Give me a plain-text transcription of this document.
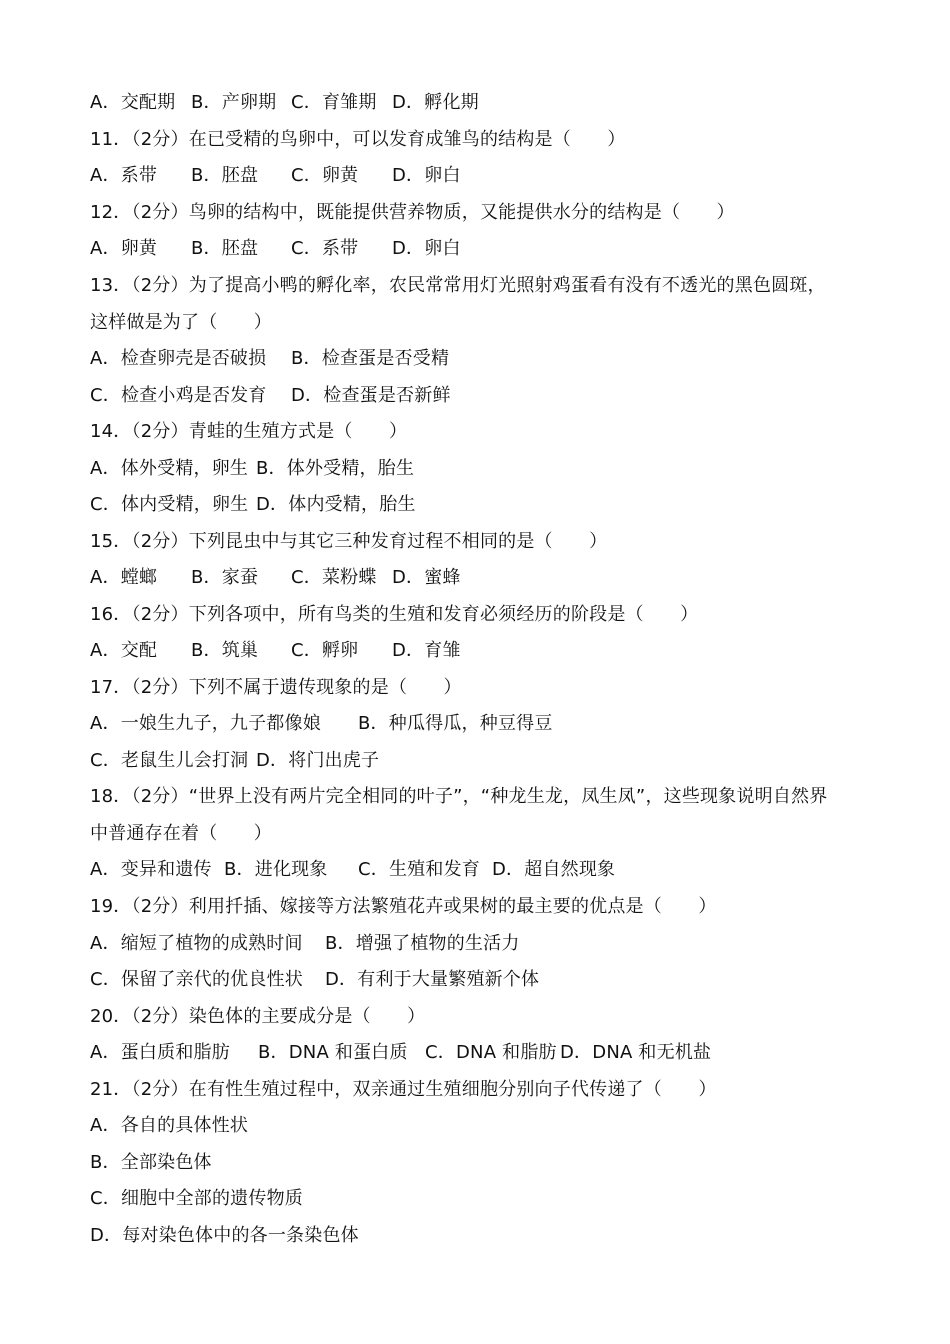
A．交配期

B．产卵期

C．育雏期

D．孵化期

11．（2分）在已受精的鸟卵中，可以发育成雏鸟的结构是（　　）

A．系带

B．胚盘

C．卵黄

D．卵白

12．（2分）鸟卵的结构中，既能提供营养物质，又能提供水分的结构是（　　）

A．卵黄

B．胚盘

C．系带

D．卵白

13．（2分）为了提高小鸭的孵化率，农民常常用灯光照射鸡蛋看有没有不透光的黑色圆斑，
这样做是为了（　　）

A．检查卵壳是否破损

B．检查蛋是否受精

C．检查小鸡是否发育

D．检查蛋是否新鲜

14．（2分）青蛙的生殖方式是（　　）

A．体外受精，卵生

B．体外受精，胎生

C．体内受精，卵生

D．体内受精，胎生

15．（2分）下列昆虫中与其它三种发育过程不相同的是（　　）

A．螳螂

B．家蚕

C．菜粉蝶

D．蜜蜂

16．（2分）下列各项中，所有鸟类的生殖和发育必须经历的阶段是（　　）

A．交配

B．筑巢

C．孵卵

D．育雏

17．（2分）下列不属于遗传现象的是（　　）

A．一娘生九子，九子都像娘

B．种瓜得瓜，种豆得豆

C．老鼠生儿会打洞

D．将门出虎子

18．（2分）“世界上没有两片完全相同的叶子”，“种龙生龙，凤生凤”，这些现象说明自然界
中普通存在着（　　）

A．变异和遗传

B．进化现象

C．生殖和发育

D．超自然现象

19．（2分）利用扦插、嫁接等方法繁殖花卉或果树的最主要的优点是（　　）

A．缩短了植物的成熟时间

B．增强了植物的生活力

C．保留了亲代的优良性状

D．有利于大量繁殖新个体

20．（2分）染色体的主要成分是（　　）

A．蛋白质和脂肪

B．DNA 和蛋白质

C．DNA 和脂肪

D．DNA 和无机盐

21．（2分）在有性生殖过程中，双亲通过生殖细胞分别向子代传递了（　　）
A．各自的具体性状
B．全部染色体
C．细胞中全部的遗传物质
D．每对染色体中的各一条染色体
